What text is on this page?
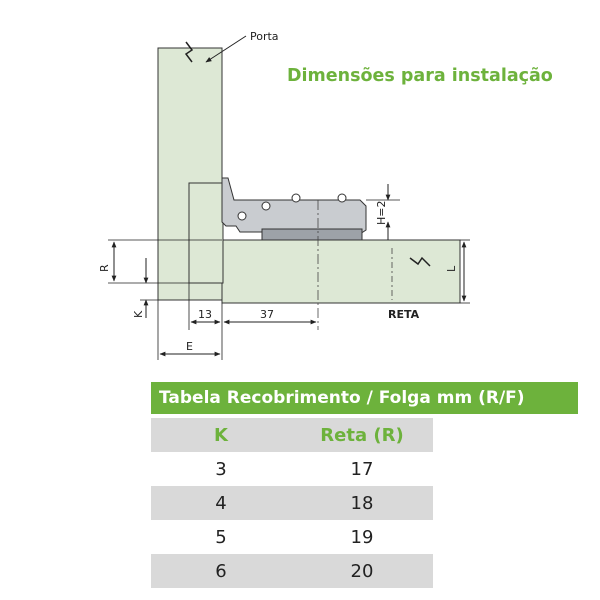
Porta
H=2
L
R
K	13	37	RETA
E
Dimensões para instalação
Tabela Recobrimento / Folga mm (R/F)
K	Reta (R)
3	17
4	18
5	19
6	20
